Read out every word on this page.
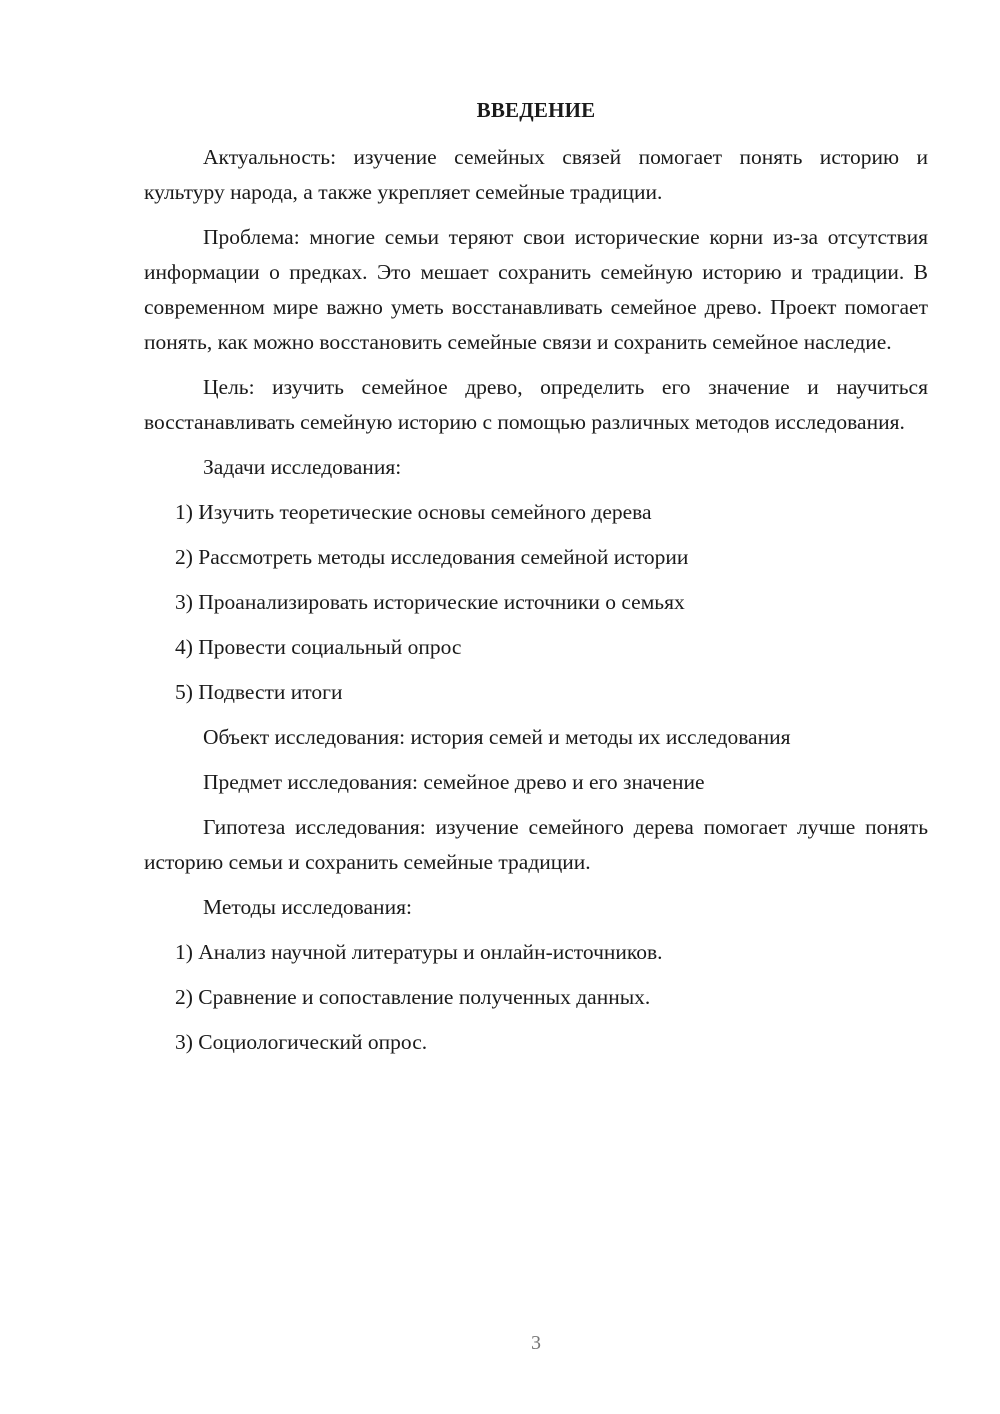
ВВЕДЕНИЕ

Актуальность: изучение семейных связей помогает понять историю и культуру народа, а также укрепляет семейные традиции.

Проблема: многие семьи теряют свои исторические корни из-за отсутствия информации о предках. Это мешает сохранить семейную историю и традиции. В современном мире важно уметь восстанавливать семейное древо. Проект помогает понять, как можно восстановить семейные связи и сохранить семейное наследие.

Цель: изучить семейное древо, определить его значение и научиться восстанавливать семейную историю с помощью различных методов исследования.

Задачи исследования:
1) Изучить теоретические основы семейного дерева
2) Рассмотреть методы исследования семейной истории
3) Проанализировать исторические источники о семьях
4) Провести социальный опрос
5) Подвести итоги
Объект исследования: история семей и методы их исследования
Предмет исследования: семейное древо и его значение

Гипотеза исследования: изучение семейного дерева помогает лучше понять историю семьи и сохранить семейные традиции.

Методы исследования:
1) Анализ научной литературы и онлайн-источников.
2) Сравнение и сопоставление полученных данных.
3) Социологический опрос.
3
